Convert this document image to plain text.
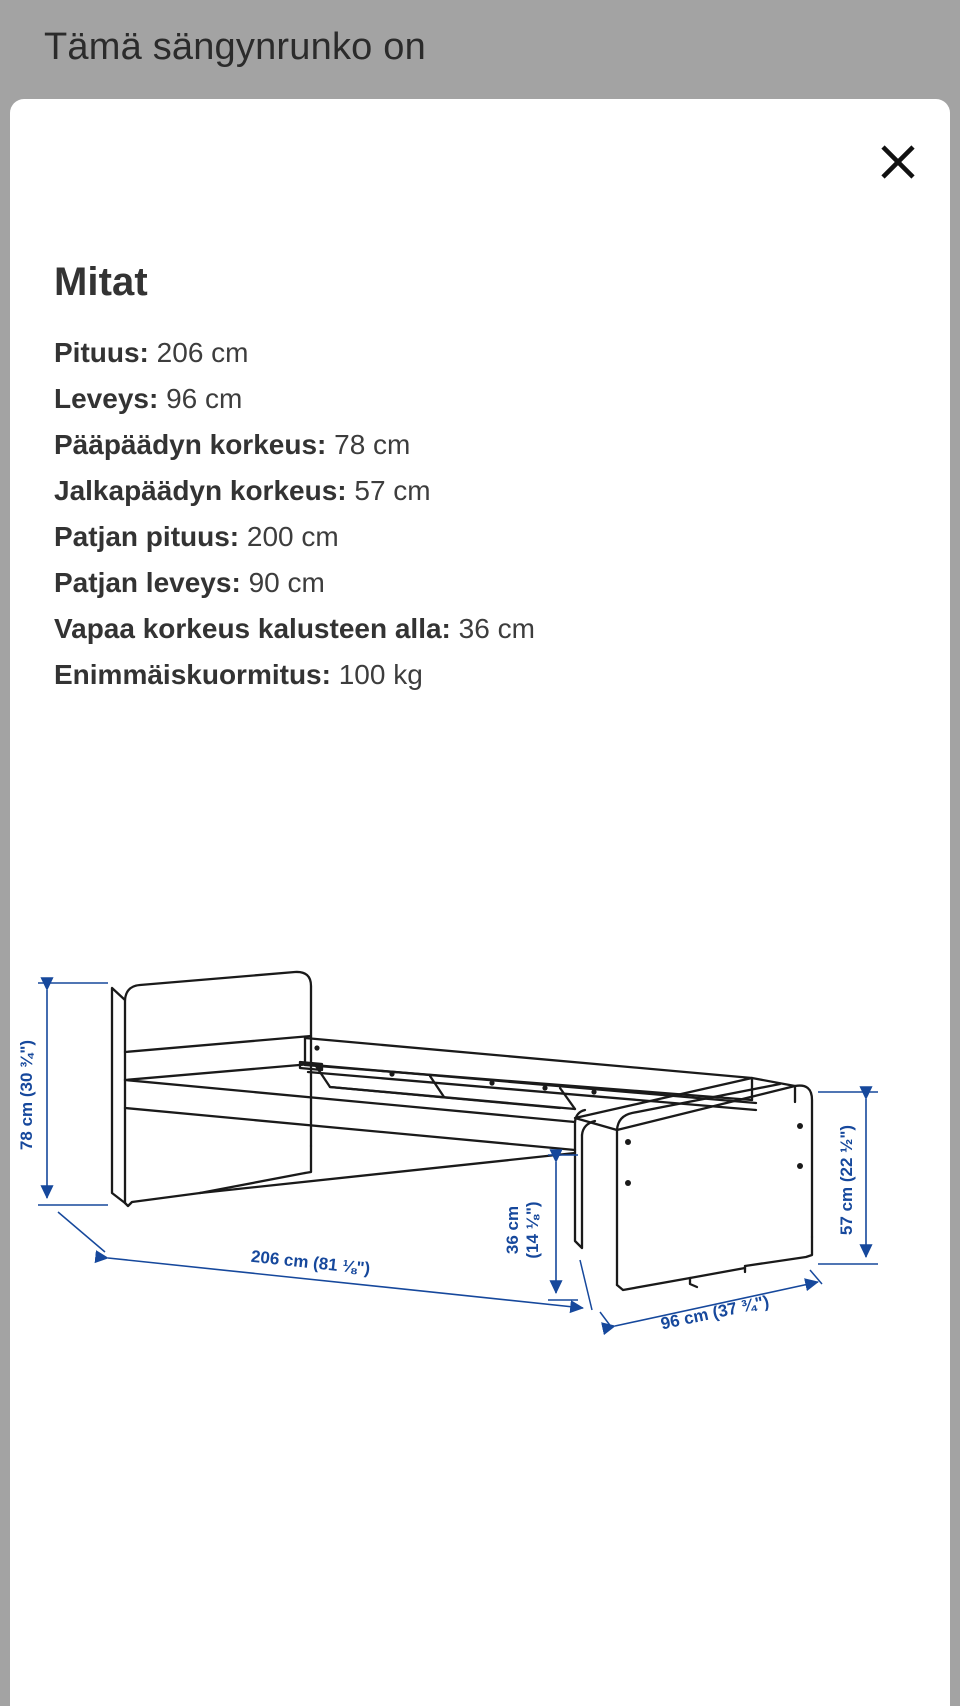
Tämä sängynrunko on
Mitat
Pituus: 206 cm
Leveys: 96 cm
Pääpäädyn korkeus: 78 cm
Jalkapäädyn korkeus: 57 cm
Patjan pituus: 200 cm
Patjan leveys: 90 cm
Vapaa korkeus kalusteen alla: 36 cm
Enimmäiskuormitus: 100 kg
78 cm (30 ¾")
57 cm (22 ½")
206 cm (81 ⅛")
36 cm (14 ⅛")
96 cm (37 ¾")
